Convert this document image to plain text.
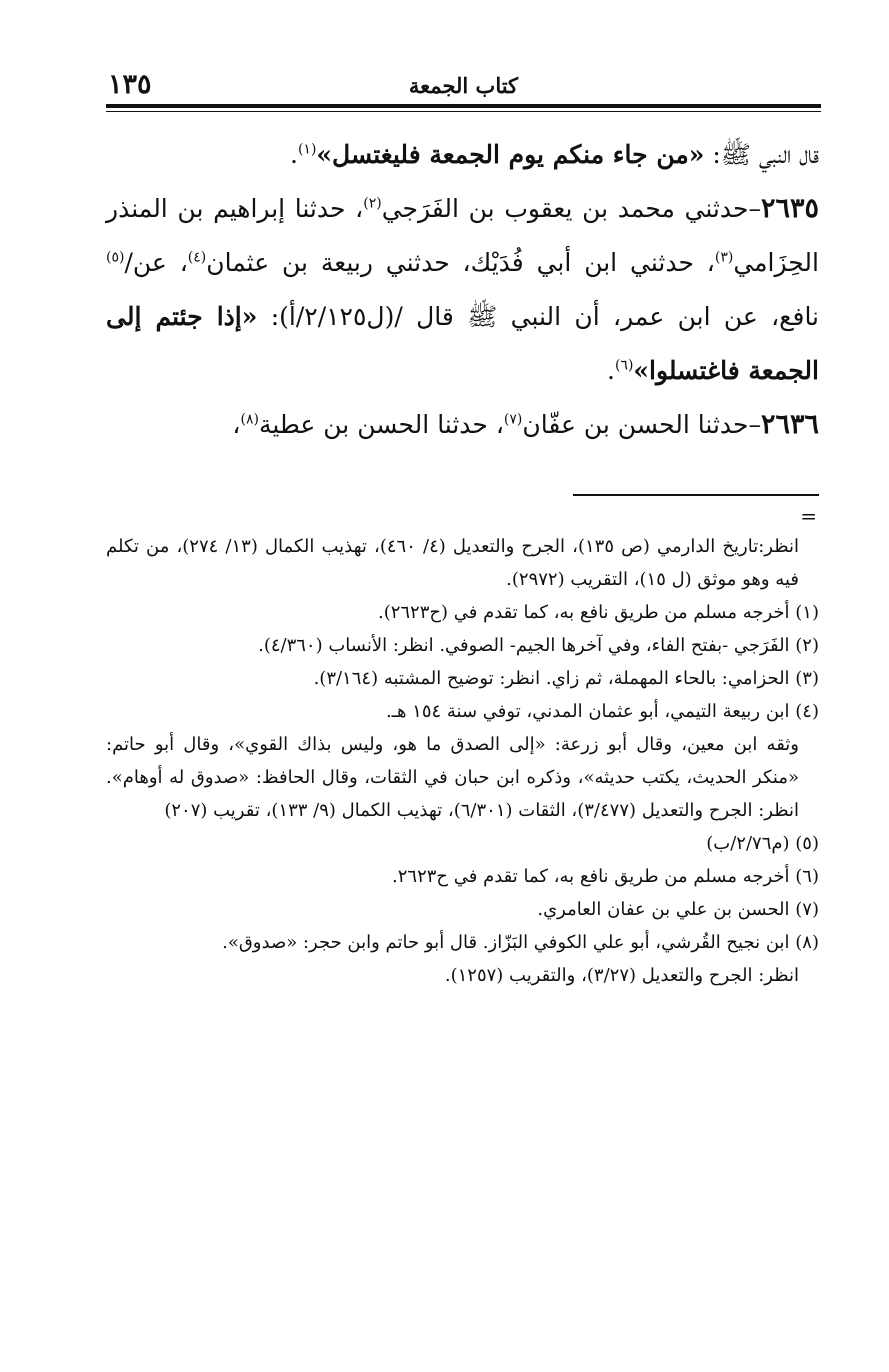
١٣٥	كتاب الجمعة

قال النبي ﷺ: «من جاء منكم يوم الجمعة فليغتسل»$^{(١)}$.

٢٦٣٥–حدثني محمد بن يعقوب بن الفَرَجي$^{(٢)}$، حدثنا إبراهيم بن المنذر الحِزَامي$^{(٣)}$، حدثني ابن أبي فُدَيْك، حدثني ربيعة بن عثمان$^{(٤)}$، عن/$^{(٥)}$ نافع، عن ابن عمر، أن النبي ﷺ قال /(ل٢/١٢٥/أ): «إذا جئتم إلى الجمعة فاغتسلوا»$^{(٦)}$.

٢٦٣٦–حدثنا الحسن بن عفّان$^{(٧)}$، حدثنا الحسن بن عطية$^{(٨)}$،

=

انظر:تاريخ الدارمي (ص ١٣٥)، الجرح والتعديل (٤/ ٤٦٠)، تهذيب الكمال (١٣/ ٢٧٤)، من تكلم فيه وهو موثق (ل ١٥)، التقريب (٢٩٧٢).

(١) أخرجه مسلم من طريق نافع به، كما تقدم في (ح٢٦٢٣).

(٢) الفَرَجي -بفتح الفاء، وفي آخرها الجيم- الصوفي. انظر: الأنساب (٤/٣٦٠).

(٣) الحزامي: بالحاء المهملة، ثم زاي. انظر: توضيح المشتبه (٣/١٦٤).

(٤) ابن ربيعة التيمي، أبو عثمان المدني، توفي سنة ١٥٤ هـ.

وثقه ابن معين، وقال أبو زرعة: «إلى الصدق ما هو، وليس بذاك القوي»، وقال أبو حاتم: «منكر الحديث، يكتب حديثه»، وذكره ابن حبان في الثقات، وقال الحافظ: «صدوق له أوهام». انظر: الجرح والتعديل (٣/٤٧٧)، الثقات (٦/٣٠١)، تهذيب الكمال (٩/ ١٣٣)، تقريب (٢٠٧)

(٥) (م٢/٧٦/ب)

(٦) أخرجه مسلم من طريق نافع به، كما تقدم في ح٢٦٢٣.

(٧) الحسن بن علي بن عفان العامري.

(٨) ابن نجيح القُرشي، أبو علي الكوفي البَزّاز. قال أبو حاتم وابن حجر: «صدوق».

انظر: الجرح والتعديل (٣/٢٧)، والتقريب (١٢٥٧).
